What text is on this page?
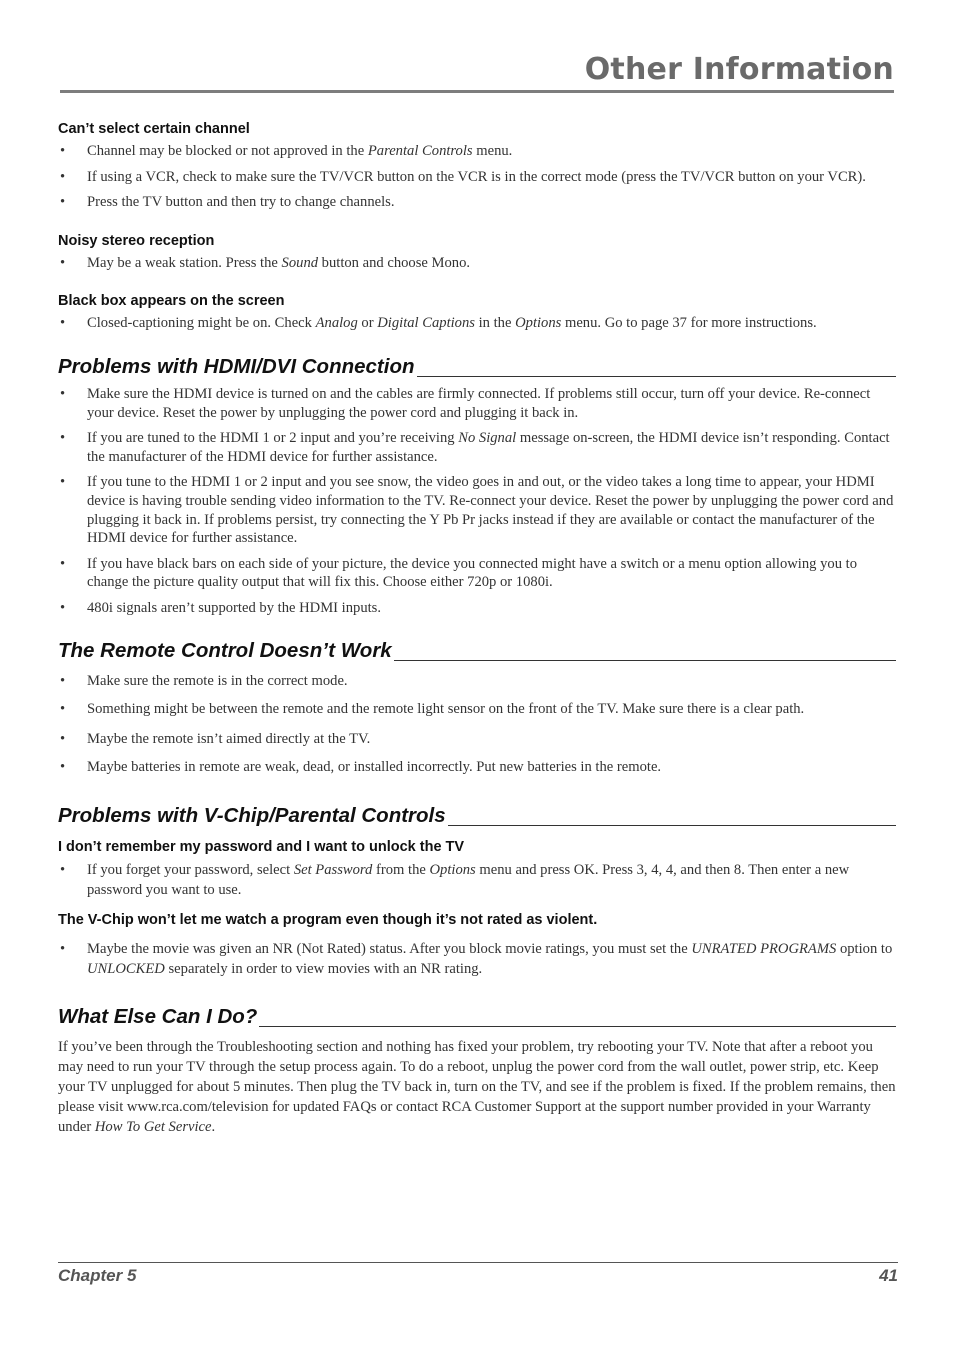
Other Information
Can’t select certain channel
• Channel may be blocked or not approved in the Parental Controls menu.
• If using a VCR, check to make sure the TV/VCR button on the VCR is in the correct mode (press the TV/VCR button on your VCR).
• Press the TV button and then try to change channels.
Noisy stereo reception
• May be a weak station. Press the Sound button and choose Mono.
Black box appears on the screen
• Closed-captioning might be on. Check Analog or Digital Captions in the Options menu. Go to page 37 for more instructions.
Problems with HDMI/DVI Connection
• Make sure the HDMI device is turned on and the cables are firmly connected. If problems still occur, turn off your device. Re-connect your device. Reset the power by unplugging the power cord and plugging it back in.
• If you are tuned to the HDMI 1 or 2 input and you’re receiving No Signal message on-screen, the HDMI device isn’t responding. Contact the manufacturer of the HDMI device for further assistance.
• If you tune to the HDMI 1 or 2 input and you see snow, the video goes in and out, or the video takes a long time to appear, your HDMI device is having trouble sending video information to the TV. Re-connect your device. Reset the power by unplugging the power cord and plugging it back in. If problems persist, try connecting the Y Pb Pr jacks instead if they are available or contact the manufacturer of the HDMI device for further assistance.
• If you have black bars on each side of your picture, the device you connected might have a switch or a menu option allowing you to change the picture quality output that will fix this. Choose either 720p or 1080i.
• 480i signals aren’t supported by the HDMI inputs.
The Remote Control Doesn’t Work
• Make sure the remote is in the correct mode.
• Something might be between the remote and the remote light sensor on the front of the TV. Make sure there is a clear path.
• Maybe the remote isn’t aimed directly at the TV.
• Maybe batteries in remote are weak, dead, or installed incorrectly. Put new batteries in the remote.
Problems with V-Chip/Parental Controls
I don’t remember my password and I want to unlock the TV
• If you forget your password, select Set Password from the Options menu and press OK. Press 3, 4, 4, and then 8. Then enter a new password you want to use.
The V-Chip won’t let me watch a program even though it’s not rated as violent.
• Maybe the movie was given an NR (Not Rated) status. After you block movie ratings, you must set the UNRATED PROGRAMS option to UNLOCKED separately in order to view movies with an NR rating.
What Else Can I Do?

If you’ve been through the Troubleshooting section and nothing has fixed your problem, try rebooting your TV. Note that after a reboot you may need to run your TV through the setup process again. To do a reboot, unplug the power cord from the wall outlet, power strip, etc. Keep your TV unplugged for about 5 minutes. Then plug the TV back in, turn on the TV, and see if the problem is fixed. If the problem remains, then please visit www.rca.com/television for updated FAQs or contact RCA Customer Support at the support number provided in your Warranty under How To Get Service.

Chapter 5	41
